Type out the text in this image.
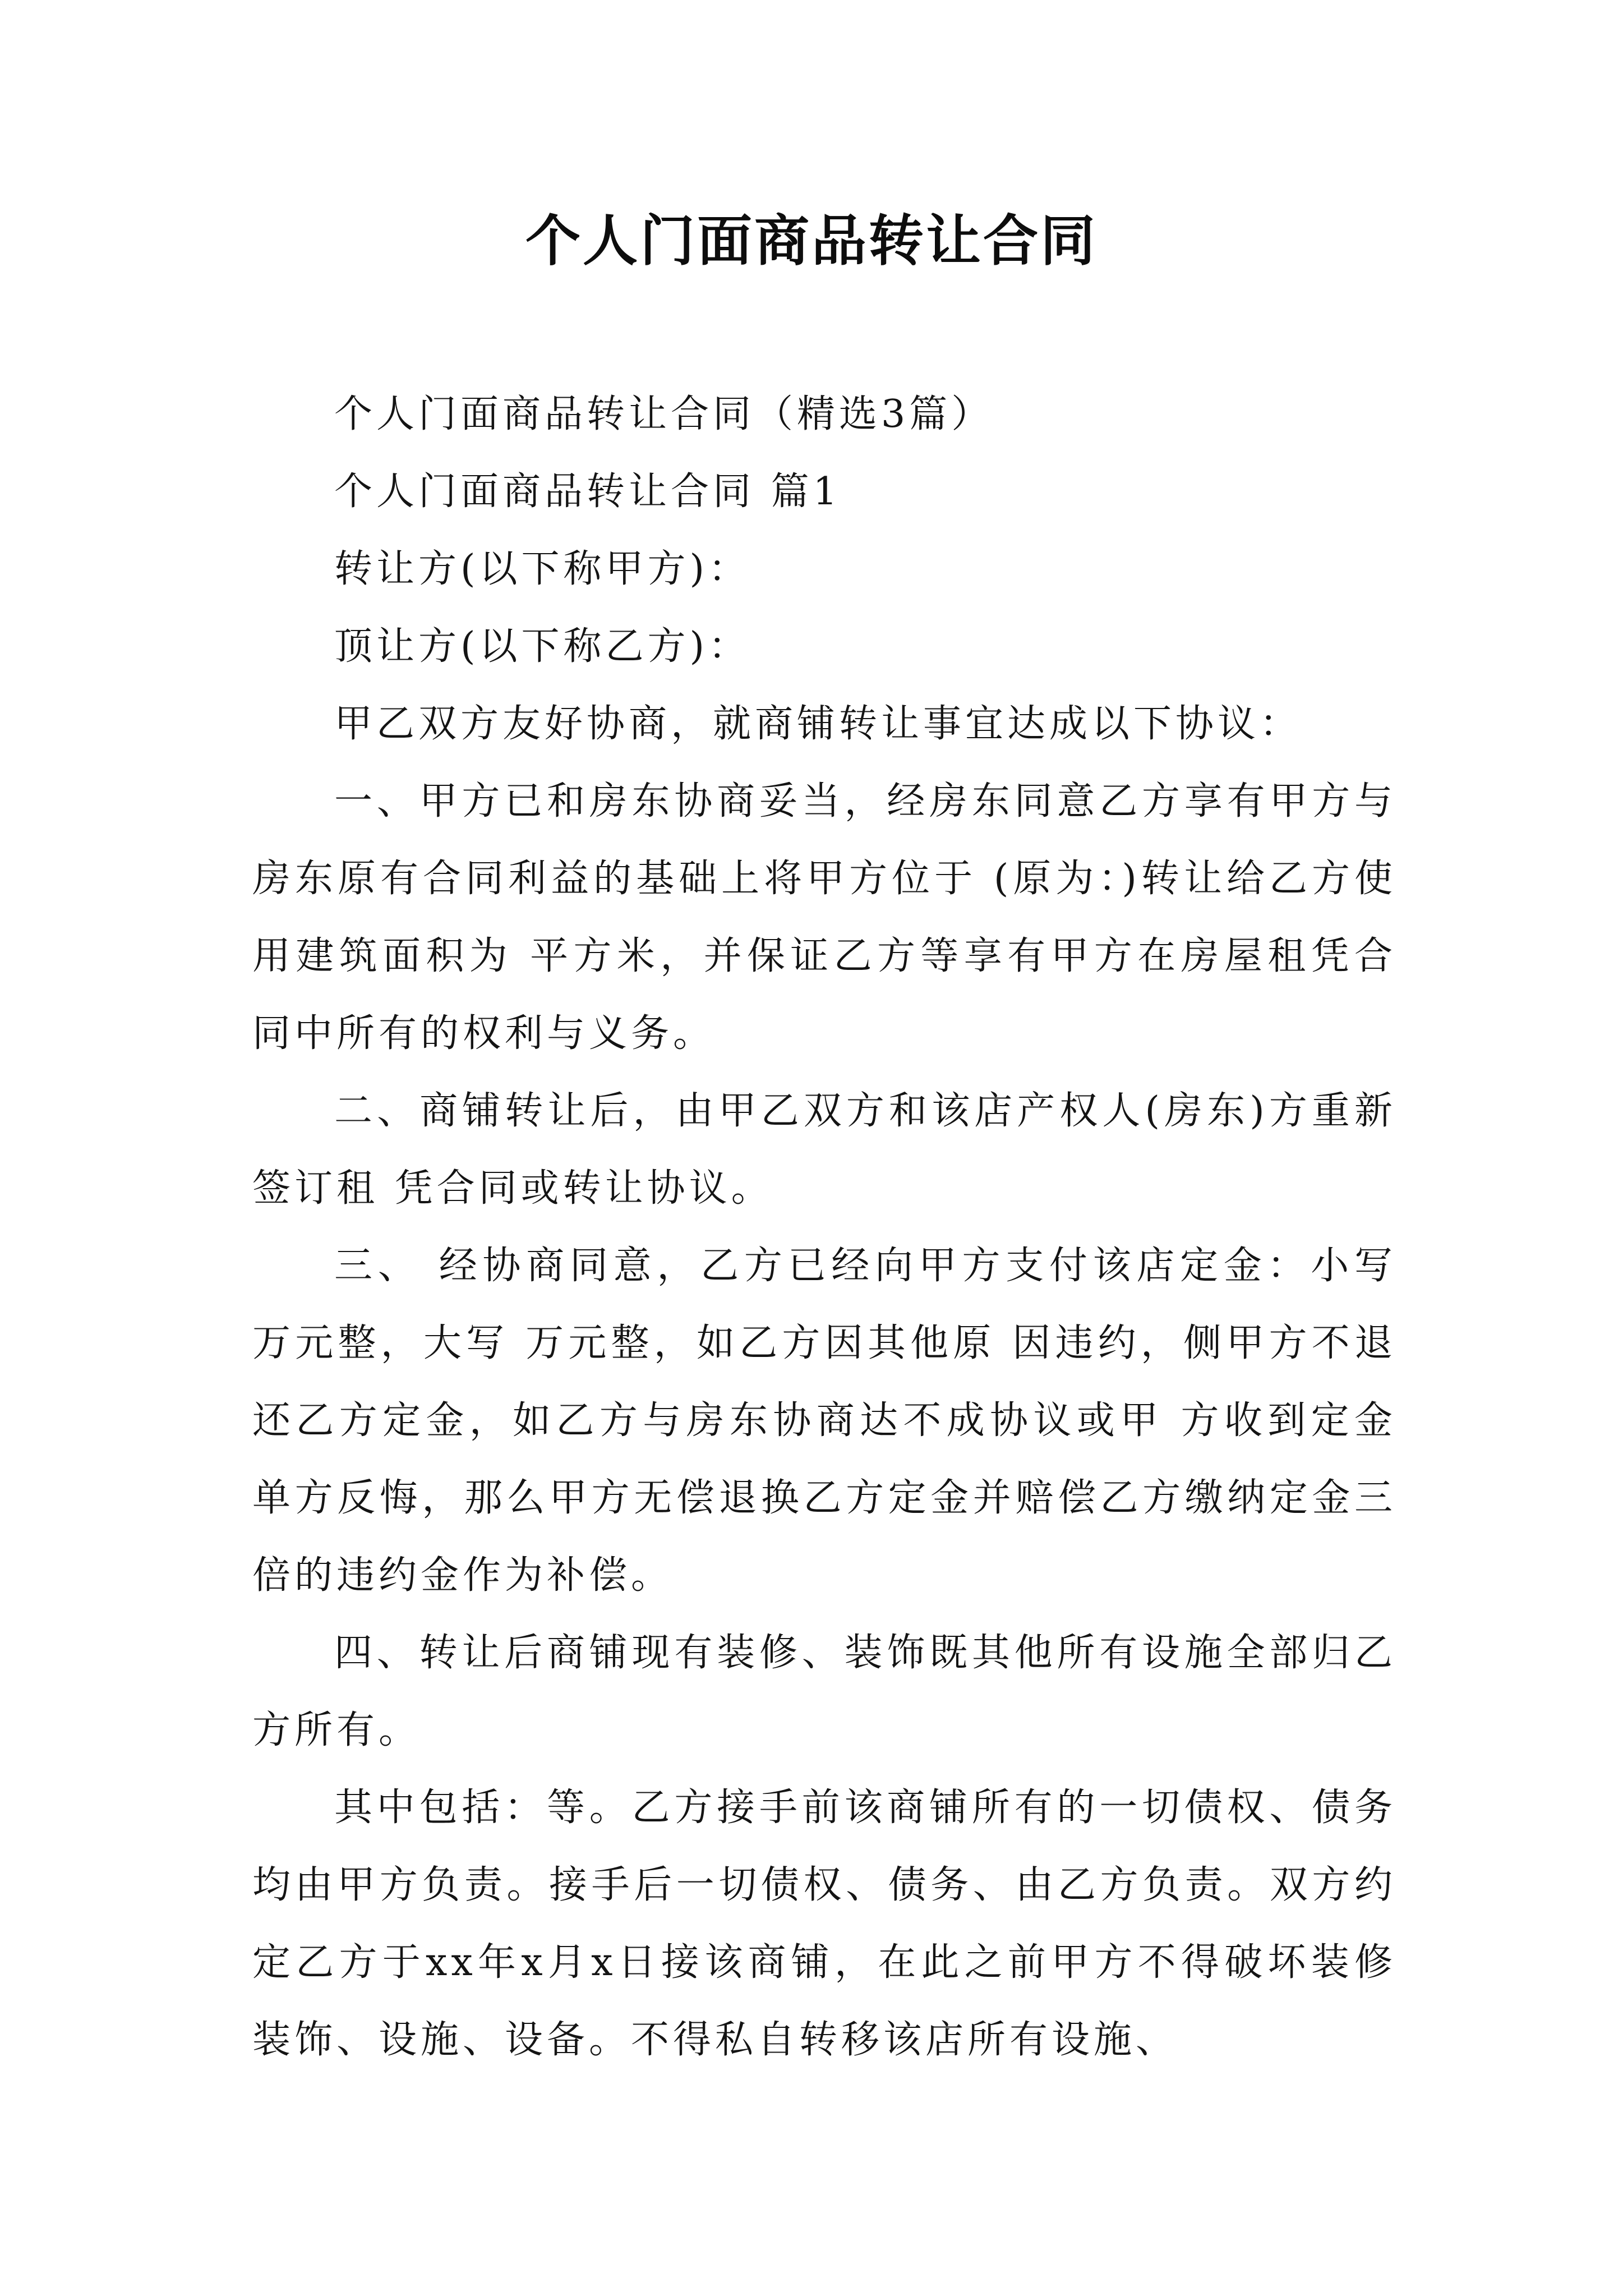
个人门面商品转让合同

个人门面商品转让合同（精选3篇）

个人门面商品转让合同 篇1

转让方(以下称甲方)：

顶让方(以下称乙方)：

甲乙双方友好协商，就商铺转让事宜达成以下协议：

一、甲方已和房东协商妥当，经房东同意乙方享有甲方与房东原有合同利益的基础上将甲方位于 (原为：)转让给乙方使用建筑面积为 平方米，并保证乙方等享有甲方在房屋租凭合同中所有的权利与义务。

二、商铺转让后，由甲乙双方和该店产权人(房东)方重新签订租 凭合同或转让协议。

三、 经协商同意，乙方已经向甲方支付该店定金：小写万元整，大写 万元整，如乙方因其他原 因违约，侧甲方不退还乙方定金，如乙方与房东协商达不成协议或甲 方收到定金单方反悔，那么甲方无偿退换乙方定金并赔偿乙方缴纳定金三倍的违约金作为补偿。

四、转让后商铺现有装修、装饰既其他所有设施全部归乙方所有。

其中包括：等。乙方接手前该商铺所有的一切债权、债务均由甲方负责。接手后一切债权、债务、由乙方负责。双方约定乙方于xx年x月x日接该商铺，在此之前甲方不得破坏装修装饰、设施、设备。不得私自转移该店所有设施、
